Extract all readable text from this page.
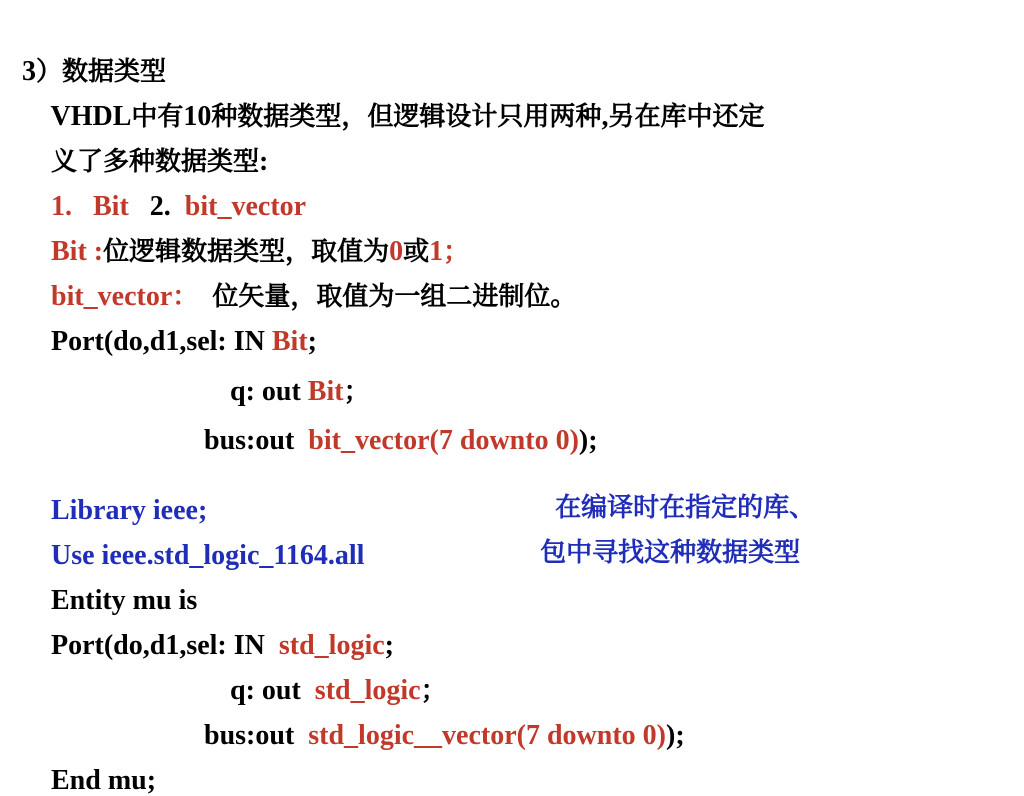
3）数据类型

VHDL中有10种数据类型，但逻辑设计只用两种,另在库中还定

义了多种数据类型:

1.   Bit 2. bit_vector

Bit :位逻辑数据类型，取值为0或1；

bit_vector： 位矢量，取值为一组二进制位。

Port(do,d1,sel: IN Bit;

q: out Bit；

bus:out  bit_vector(7 downto 0));

Library ieee;

Use ieee.std_logic_1164.all

Entity mu is

Port(do,d1,sel: IN  std_logic;

q: out  std_logic；

bus:out  std_logic__vector(7 downto 0));

End mu;

在编译时在指定的库、

包中寻找这种数据类型
